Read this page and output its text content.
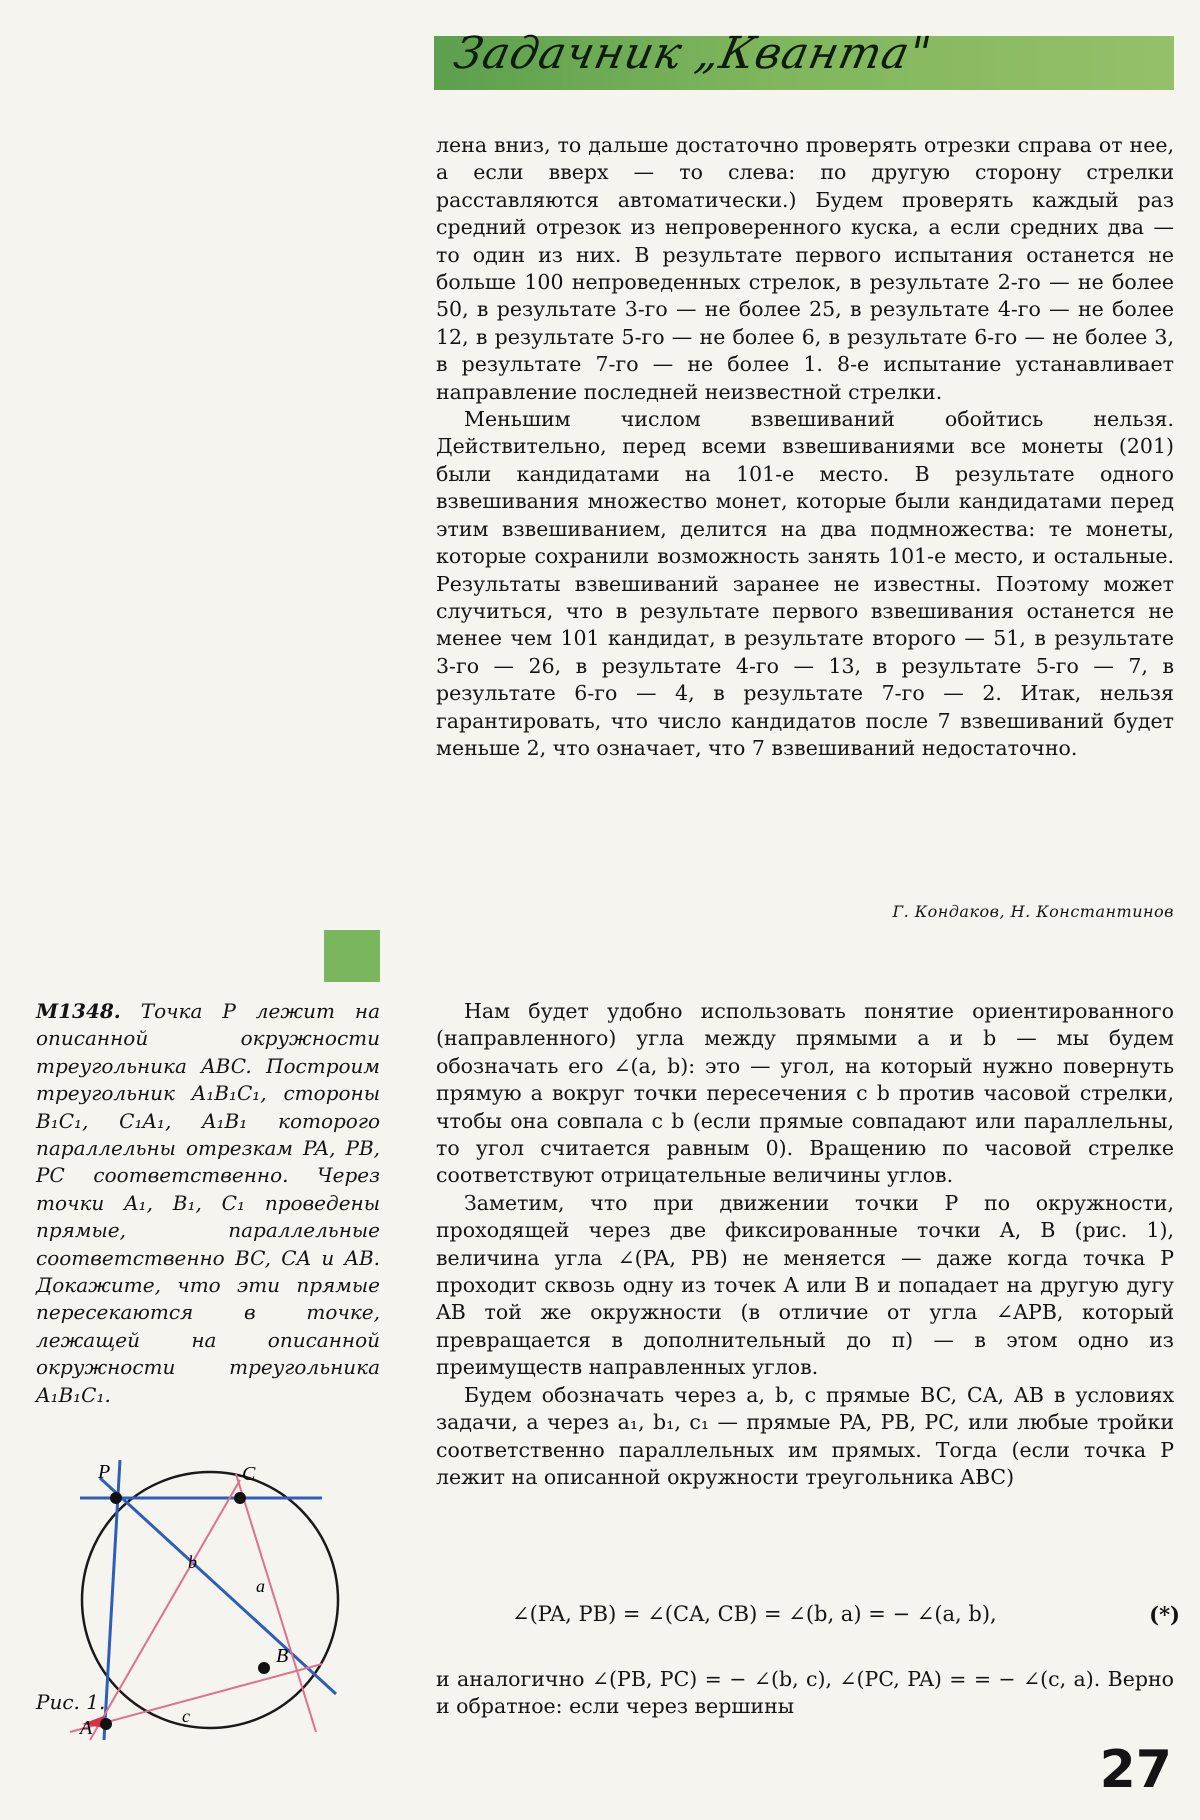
Задачник „Кванта"

лена вниз, то дальше достаточно проверять отрезки справа от нее, а если вверх — то слева: по другую сторону стрелки расставляются автоматически.) Будем проверять каждый раз средний отрезок из непроверенного куска, а если средних два — то один из них. В результате первого испытания останется не больше 100 непроведенных стрелок, в результате 2-го — не более 50, в результате 3-го — не более 25, в результате 4-го — не более 12, в результате 5-го — не более 6, в результате 6-го — не более 3, в результате 7-го — не более 1. 8-е испытание устанавливает направление последней неизвестной стрелки.

Меньшим числом взвешиваний обойтись нельзя. Действительно, перед всеми взвешиваниями все монеты (201) были кандидатами на 101-е место. В результате одного взвешивания множество монет, которые были кандидатами перед этим взвешиванием, делится на два подмножества: те монеты, которые сохранили возможность занять 101-е место, и остальные. Результаты взвешиваний заранее не известны. Поэтому может случиться, что в результате первого взвешивания останется не менее чем 101 кандидат, в результате второго — 51, в результате 3-го — 26, в результате 4-го — 13, в результате 5-го — 7, в результате 6-го — 4, в результате 7-го — 2. Итак, нельзя гарантировать, что число кандидатов после 7 взвешиваний будет меньше 2, что означает, что 7 взвешиваний недостаточно.

Г. Кондаков, Н. Константинов
M1348. Точка P лежит на описанной окружности треугольника ABC. Построим треугольник A₁B₁C₁, стороны B₁C₁, C₁A₁, A₁B₁ которого параллельны отрезкам PA, PB, PC соответственно. Через точки A₁, B₁, C₁ проведены прямые, параллельные соответственно BC, CA и AB. Докажите, что эти прямые пересекаются в точке, лежащей на описанной окружности треугольника A₁B₁C₁.

Нам будет удобно использовать понятие ориентированного (направленного) угла между прямыми a и b — мы будем обозначать его ∠(a, b): это — угол, на который нужно повернуть прямую a вокруг точки пересечения с b против часовой стрелки, чтобы она совпала с b (если прямые совпадают или параллельны, то угол считается равным 0). Вращению по часовой стрелке соответствуют отрицательные величины углов.

Заметим, что при движении точки P по окружности, проходящей через две фиксированные точки A, B (рис. 1), величина угла ∠(PA, PB) не меняется — даже когда точка P проходит сквозь одну из точек A или B и попадает на другую дугу AB той же окружности (в отличие от угла ∠APB, который превращается в дополнительный до π) — в этом одно из преимуществ направленных углов.

Будем обозначать через a, b, c прямые BC, CA, AB в условиях задачи, а через a₁, b₁, c₁ — прямые PA, PB, PC, или любые тройки соответственно параллельных им прямых. Тогда (если точка P лежит на описанной окружности треугольника ABC)

∠(PA, PB) = ∠(CA, CB) = ∠(b, a) = − ∠(a, b),	(*)

и аналогично ∠(PB, PC) = − ∠(b, c), ∠(PC, PA) = = − ∠(c, a). Верно и обратное: если через вершины

P	C
A
B
a
b
c
Рис. 1.
27
